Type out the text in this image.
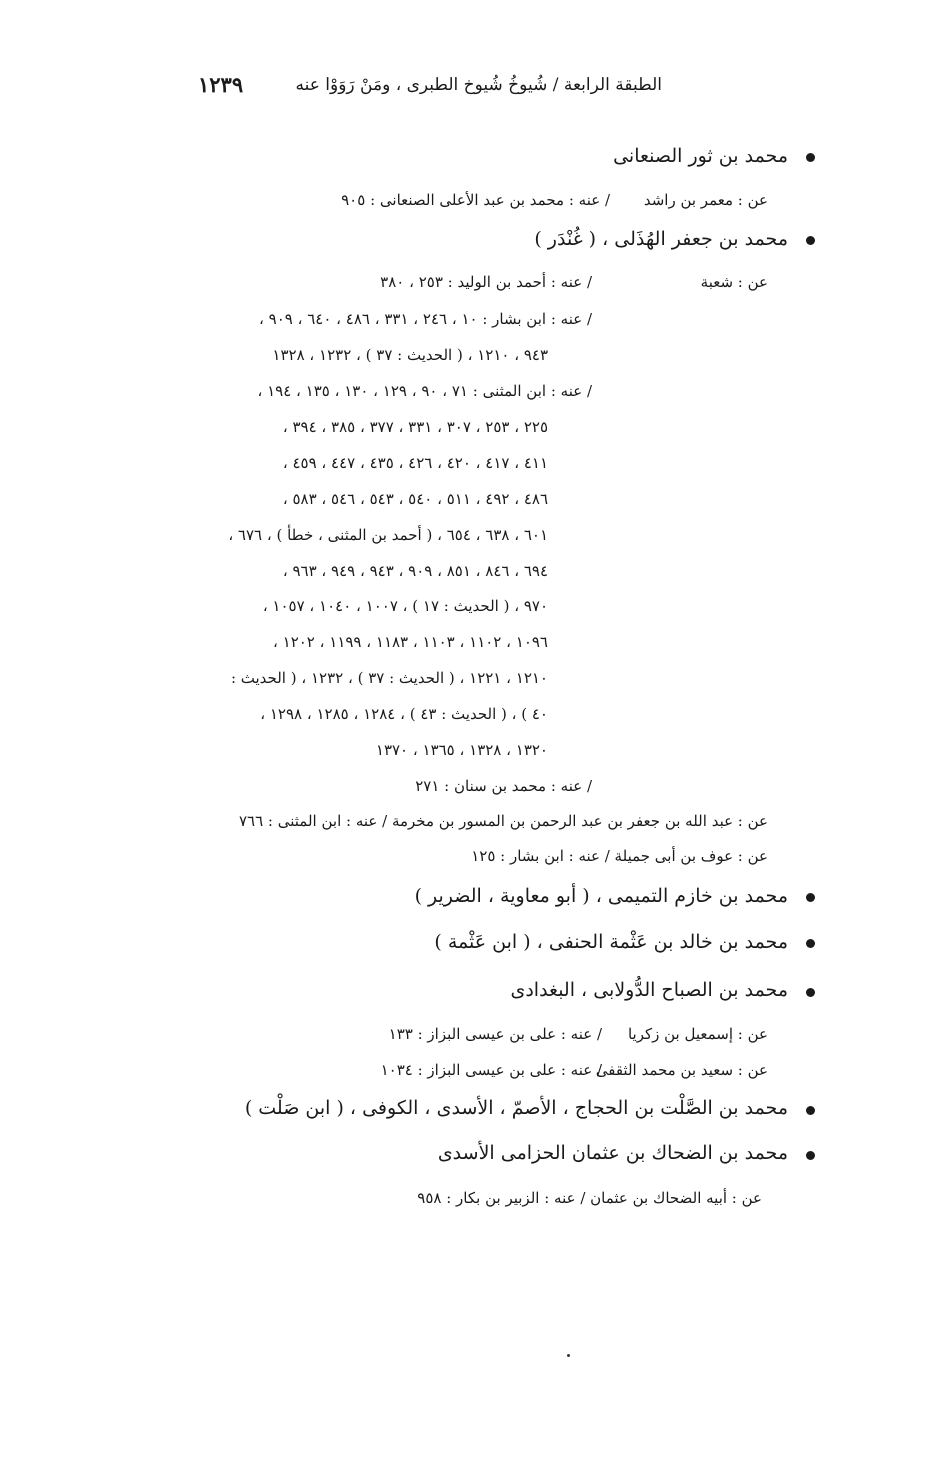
١٢٣٩	الطبقة الرابعة / شُيوخُ شُيوخ الطبرى ، ومَنْ رَوَوْا عنه
محمد بن ثور الصنعانى
عن : معمر بن راشد
/ عنه : محمد بن عبد الأعلى الصنعانى : ٩٠٥
محمد بن جعفر الهُذَلى ، ( غُنْدَر )
عن : شعبة
/ عنه : أحمد بن الوليد : ٢٥٣ ، ٣٨٠
/ عنه : ابن بشار : ١٠ ، ٢٤٦ ، ٣٣١ ، ٤٨٦ ، ٦٤٠ ، ٩٠٩ ،
٩٤٣ ، ١٢١٠ ، ( الحديث : ٣٧ ) ، ١٢٣٢ ، ١٣٢٨
/ عنه : ابن المثنى : ٧١ ، ٩٠ ، ١٢٩ ، ١٣٠ ، ١٣٥ ، ١٩٤ ،
٢٢٥ ، ٢٥٣ ، ٣٠٧ ، ٣٣١ ، ٣٧٧ ، ٣٨٥ ، ٣٩٤ ،
٤١١ ، ٤١٧ ، ٤٢٠ ، ٤٢٦ ، ٤٣٥ ، ٤٤٧ ، ٤٥٩ ،
٤٨٦ ، ٤٩٢ ، ٥١١ ، ٥٤٠ ، ٥٤٣ ، ٥٤٦ ، ٥٨٣ ،
٦٠١ ، ٦٣٨ ، ٦٥٤ ، ( أحمد بن المثنى ، خطأ ) ، ٦٧٦ ،
٦٩٤ ، ٨٤٦ ، ٨٥١ ، ٩٠٩ ، ٩٤٣ ، ٩٤٩ ، ٩٦٣ ،
٩٧٠ ، ( الحديث : ١٧ ) ، ١٠٠٧ ، ١٠٤٠ ، ١٠٥٧ ،
١٠٩٦ ، ١١٠٢ ، ١١٠٣ ، ١١٨٣ ، ١١٩٩ ، ١٢٠٢ ،
١٢١٠ ، ١٢٢١ ، ( الحديث : ٣٧ ) ، ١٢٣٢ ، ( الحديث :
٤٠ ) ، ( الحديث : ٤٣ ) ، ١٢٨٤ ، ١٢٨٥ ، ١٢٩٨ ،
١٣٢٠ ، ١٣٢٨ ، ١٣٦٥ ، ١٣٧٠
/ عنه : محمد بن سنان : ٢٧١
عن : عبد الله بن جعفر بن عبد الرحمن بن المسور بن مخرمة / عنه : ابن المثنى : ٧٦٦
عن : عوف بن أبى جميلة / عنه : ابن بشار : ١٢٥
محمد بن خازم التميمى ، ( أبو معاوية ، الضرير )
محمد بن خالد بن عَثْمة الحنفى ، ( ابن عَثْمة )
محمد بن الصباح الدُّولابى ، البغدادى
عن : إسمعيل بن زكريا
/ عنه : على بن عيسى البزاز : ١٣٣
عن : سعيد بن محمد الثقفى
/ عنه : على بن عيسى البزاز : ١٠٣٤
محمد بن الصَّلْت بن الحجاج ، الأصمّ ، الأسدى ، الكوفى ، ( ابن صَلْت )
محمد بن الضحاك بن عثمان الحزامى الأسدى
عن : أبيه الضحاك بن عثمان / عنه : الزبير بن بكار : ٩٥٨
